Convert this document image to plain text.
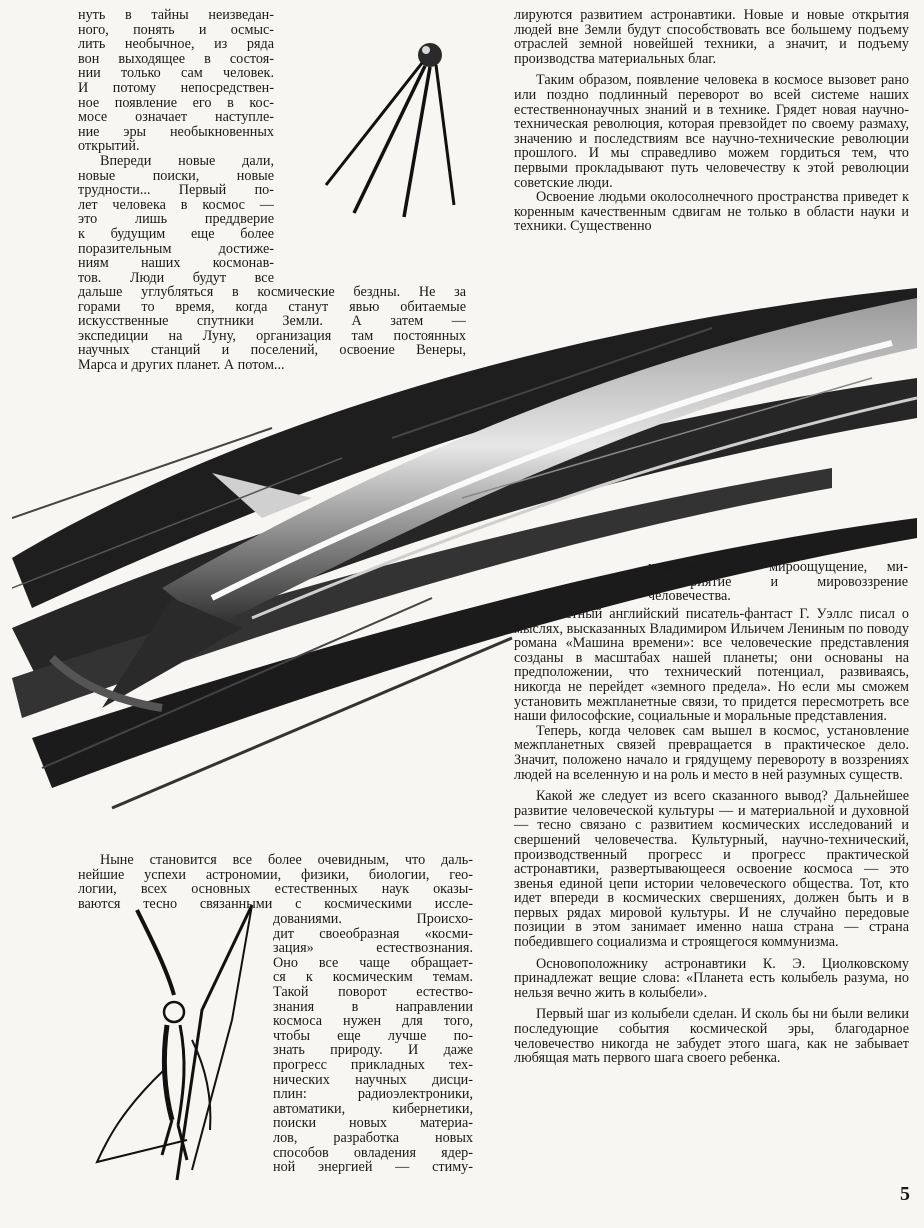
нуть в тайны неизведан-
ного, понять и осмыс-
лить необычное, из ряда
вон выходящее в состоя-
нии только сам человек.
И потому непосредствен-
ное появление его в кос-
мосе означает наступле-
ние эры необыкновенных
открытий.
Впереди новые дали,
новые поиски, новые
трудности... Первый по-
лет человека в космос —
это лишь преддверие
к будущим еще более
поразительным достиже-
ниям наших космонав-
тов. Люди будут все
дальше углубляться в космические бездны. Не за
горами то время, когда станут явью обитаемые
искусственные спутники Земли. А затем —
экспедиции на Луну, организация там постоянных
научных станций и поселений, освоение Венеры,
Марса и других планет. А потом...

лируются развитием астронавтики. Новые и новые открытия людей вне Земли будут способствовать все большему подъему отраслей земной новейшей техники, а значит, и подъему производства материальных благ.

Таким образом, появление человека в космосе вызовет рано или поздно подлинный переворот во всей системе наших естественнонаучных знаний и в технике. Грядет новая научно-техническая революция, которая превзойдет по своему размаху, значению и последствиям все научно-технические революции прошлого. И мы справедливо можем гордиться тем, что первыми прокладывают путь человечеству к этой революции советские люди.

Освоение людьми околосолнечного пространства приведет к коренным качественным сдвигам не только в области науки и техники. Существенно

изменится все мироощущение, ми-
ровосприятие и мировоззрение
человечества.

Известный английский писатель-фантаст Г. Уэллс писал о мыслях, высказанных Владимиром Ильичем Лениным по поводу романа «Машина времени»: все человеческие представления созданы в масштабах нашей планеты; они основаны на предположении, что технический потенциал, развиваясь, никогда не перейдет «земного предела». Но если мы сможем установить межпланетные связи, то придется пересмотреть все наши философские, социальные и моральные представления.

Теперь, когда человек сам вышел в космос, установление межпланетных связей превращается в практическое дело. Значит, положено начало и грядущему перевороту в воззрениях людей на вселенную и на роль и место в ней разумных существ.

Какой же следует из всего сказанного вывод? Дальнейшее развитие человеческой культуры — и материальной и духовной — тесно связано с развитием космических исследований и свершений человечества. Культурный, научно-технический, производственный прогресс и прогресс практической астронавтики, развертывающееся освоение космоса — это звенья единой цепи истории человеческого общества. Тот, кто идет впереди в космических свершениях, должен быть и в первых рядах мировой культуры. И не случайно передовые позиции в этом занимает именно наша страна — страна победившего социализма и строящегося коммунизма.

Основоположнику астронавтики К. Э. Циолковскому принадлежат вещие слова: «Планета есть колыбель разума, но нельзя вечно жить в колыбели».

Первый шаг из колыбели сделан. И сколь бы ни были велики последующие события космической эры, благодарное человечество никогда не забудет этого шага, как не забывает любящая мать первого шага своего ребенка.

Ныне становится все более очевидным, что даль-
нейшие успехи астрономии, физики, биологии, гео-
логии, всех основных естественных наук оказы-
ваются тесно связанными с космическими иссле-
дованиями. Происхо-
дит своеобразная «косми-
зация» естествознания.
Оно все чаще обращает-
ся к космическим темам.
Такой поворот естество-
знания в направлении
космоса нужен для того,
чтобы еще лучше по-
знать природу. И даже
прогресс прикладных тех-
нических научных дисци-
плин: радиоэлектроники,
автоматики, кибернетики,
поиски новых материа-
лов, разработка новых
способов овладения ядер-
ной энергией — стиму-
5
